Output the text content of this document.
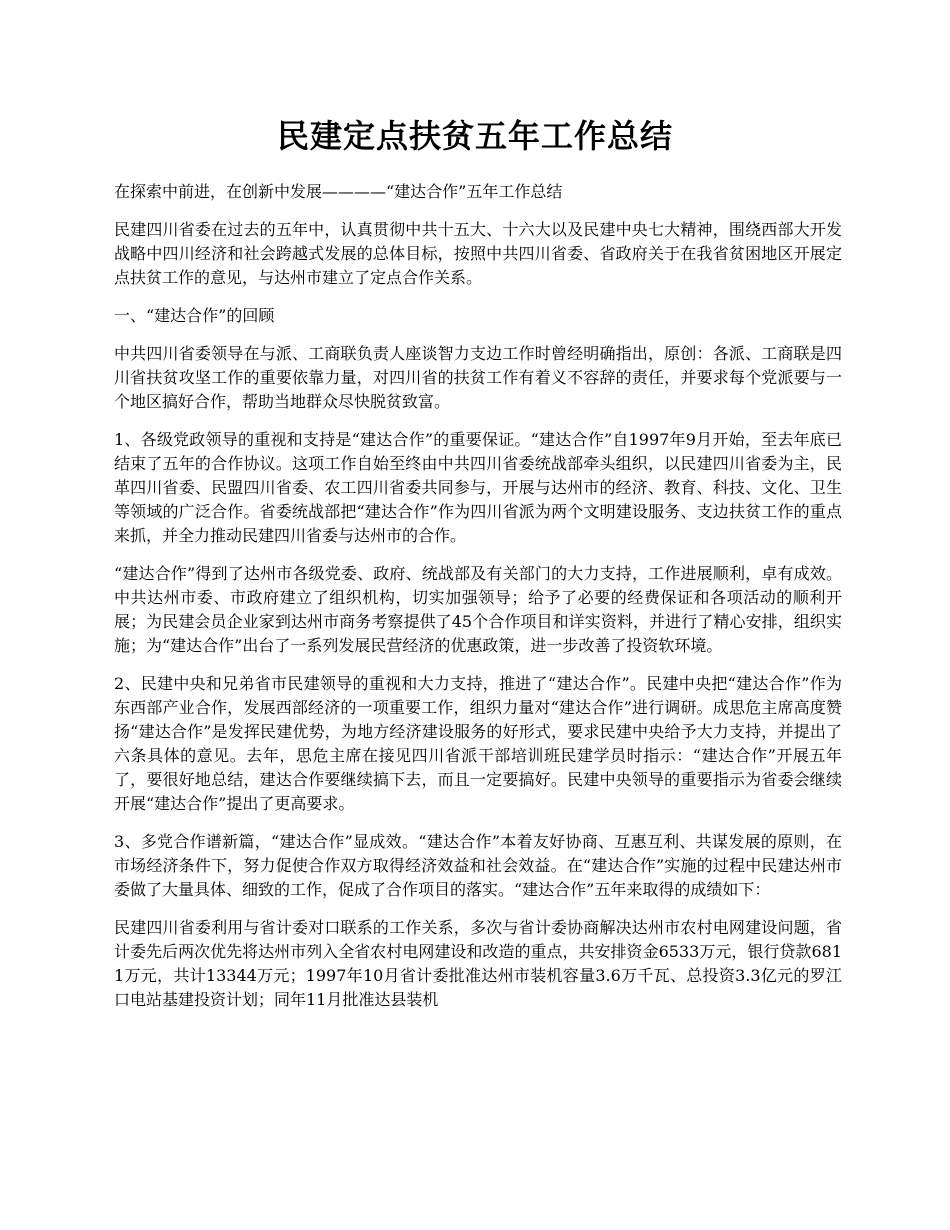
民建定点扶贫五年工作总结

在探索中前进，在创新中发展————“建达合作”五年工作总结

民建四川省委在过去的五年中，认真贯彻中共十五大、十六大以及民建中央七大精神，围绕西部大开发战略中四川经济和社会跨越式发展的总体目标，按照中共四川省委、省政府关于在我省贫困地区开展定点扶贫工作的意见，与达州市建立了定点合作关系。

一、“建达合作”的回顾

中共四川省委领导在与派、工商联负责人座谈智力支边工作时曾经明确指出，原创：各派、工商联是四川省扶贫攻坚工作的重要依靠力量，对四川省的扶贫工作有着义不容辞的责任，并要求每个党派要与一个地区搞好合作，帮助当地群众尽快脱贫致富。

1、各级党政领导的重视和支持是“建达合作”的重要保证。“建达合作”自1997年9月开始，至去年底已结束了五年的合作协议。这项工作自始至终由中共四川省委统战部牵头组织，以民建四川省委为主，民革四川省委、民盟四川省委、农工四川省委共同参与，开展与达州市的经济、教育、科技、文化、卫生等领域的广泛合作。省委统战部把“建达合作”作为四川省派为两个文明建设服务、支边扶贫工作的重点来抓，并全力推动民建四川省委与达州市的合作。

“建达合作”得到了达州市各级党委、政府、统战部及有关部门的大力支持，工作进展顺利，卓有成效。中共达州市委、市政府建立了组织机构，切实加强领导；给予了必要的经费保证和各项活动的顺利开展；为民建会员企业家到达州市商务考察提供了45个合作项目和详实资料，并进行了精心安排，组织实施；为“建达合作”出台了一系列发展民营经济的优惠政策，进一步改善了投资软环境。

2、民建中央和兄弟省市民建领导的重视和大力支持，推进了“建达合作”。民建中央把“建达合作”作为东西部产业合作，发展西部经济的一项重要工作，组织力量对“建达合作”进行调研。成思危主席高度赞扬“建达合作”是发挥民建优势，为地方经济建设服务的好形式，要求民建中央给予大力支持，并提出了六条具体的意见。去年，思危主席在接见四川省派干部培训班民建学员时指示：“建达合作”开展五年了，要很好地总结，建达合作要继续搞下去，而且一定要搞好。民建中央领导的重要指示为省委会继续开展“建达合作”提出了更高要求。

3、多党合作谱新篇，“建达合作”显成效。“建达合作”本着友好协商、互惠互利、共谋发展的原则，在市场经济条件下，努力促使合作双方取得经济效益和社会效益。在“建达合作”实施的过程中民建达州市委做了大量具体、细致的工作，促成了合作项目的落实。“建达合作”五年来取得的成绩如下：

民建四川省委利用与省计委对口联系的工作关系，多次与省计委协商解决达州市农村电网建设问题，省计委先后两次优先将达州市列入全省农村电网建设和改造的重点，共安排资金6533万元，银行贷款6811万元，共计13344万元；1997年10月省计委批准达州市装机容量3.6万千瓦、总投资3.3亿元的罗江口电站基建投资计划；同年11月批准达县装机
